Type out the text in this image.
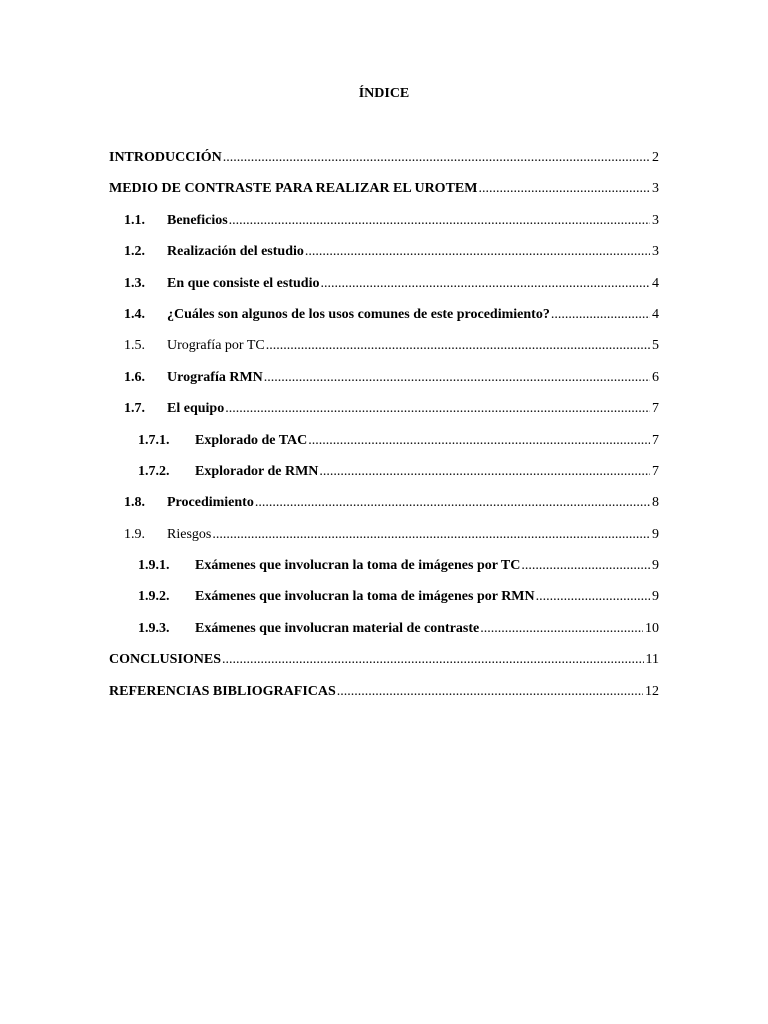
ÍNDICE
INTRODUCCIÓN .....	2
MEDIO DE CONTRASTE PARA REALIZAR EL UROTEM .....	3
1.1.	Beneficios .....	3
1.2.	Realización del estudio .....	3
1.3.	En que consiste el estudio .....	4
1.4.	¿Cuáles son algunos de los usos comunes de este procedimiento? .....	4
1.5.	Urografía por TC .....	5
1.6.	Urografía RMN .....	6
1.7.	El equipo .....	7
1.7.1.	Explorado de TAC .....	7
1.7.2.	Explorador de RMN .....	7
1.8.	Procedimiento .....	8
1.9.	Riesgos .....	9
1.9.1.	Exámenes que involucran la toma de imágenes por TC .....	9
1.9.2.	Exámenes que involucran la toma de imágenes por RMN .....	9
1.9.3.	Exámenes que involucran material de contraste .....	10
CONCLUSIONES .....	11
REFERENCIAS BIBLIOGRAFICAS .....	12
